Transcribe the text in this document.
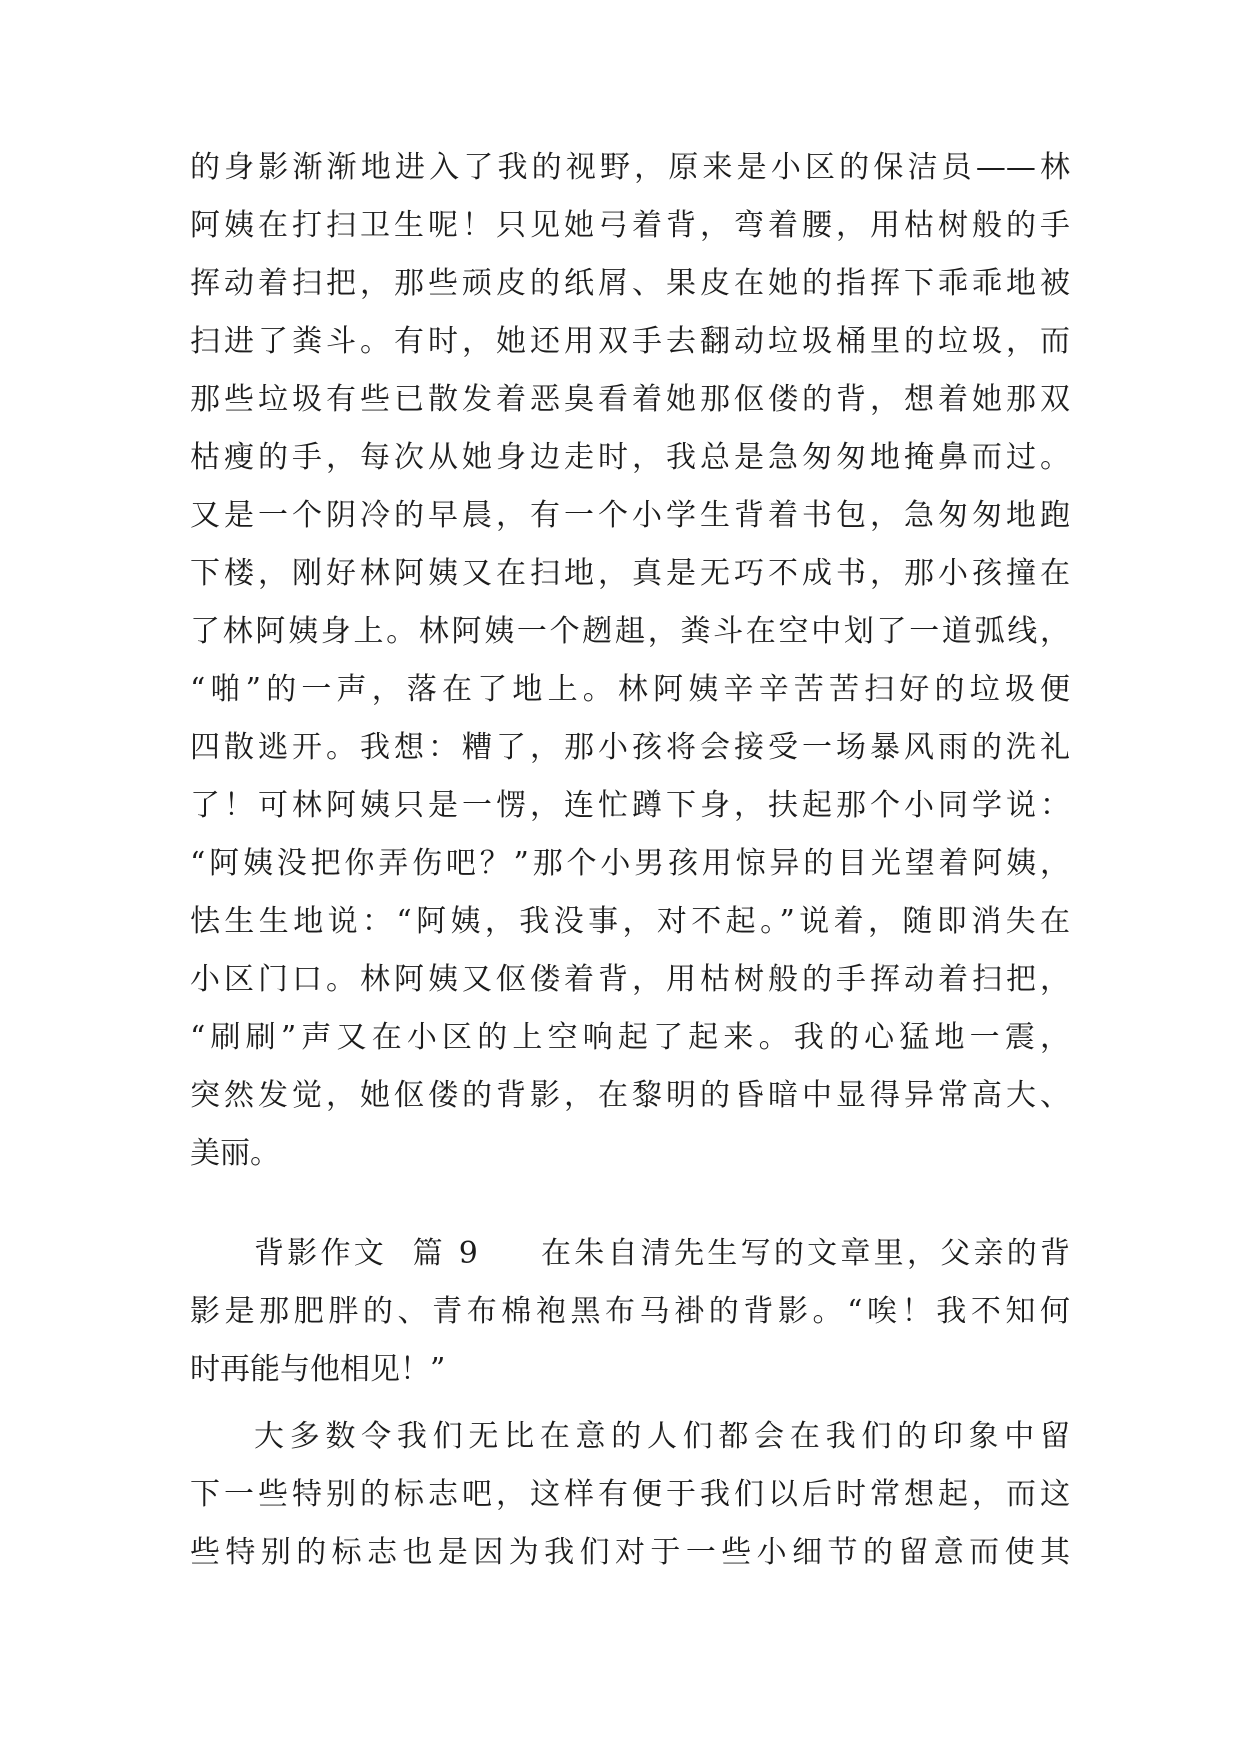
的身影渐渐地进入了我的视野，原来是小区的保洁员——林
阿姨在打扫卫生呢！只见她弓着背，弯着腰，用枯树般的手
挥动着扫把，那些顽皮的纸屑、果皮在她的指挥下乖乖地被
扫进了粪斗。有时，她还用双手去翻动垃圾桶里的垃圾，而
那些垃圾有些已散发着恶臭看着她那伛偻的背，想着她那双
枯瘦的手，每次从她身边走时，我总是急匆匆地掩鼻而过。
又是一个阴冷的早晨，有一个小学生背着书包，急匆匆地跑
下楼，刚好林阿姨又在扫地，真是无巧不成书，那小孩撞在
了林阿姨身上。林阿姨一个趔趄，粪斗在空中划了一道弧线，
“啪”的一声，落在了地上。林阿姨辛辛苦苦扫好的垃圾便
四散逃开。我想：糟了，那小孩将会接受一场暴风雨的洗礼
了！可林阿姨只是一愣，连忙蹲下身，扶起那个小同学说：
“阿姨没把你弄伤吧？”那个小男孩用惊异的目光望着阿姨，
怯生生地说：“阿姨，我没事，对不起。”说着，随即消失在
小区门口。林阿姨又伛偻着背，用枯树般的手挥动着扫把，
“刷刷”声又在小区的上空响起了起来。我的心猛地一震，
突然发觉，她伛偻的背影，在黎明的昏暗中显得异常高大、
美丽。
背影作文  篇 9 在朱自清先生写的文章里，父亲的背
影是那肥胖的、青布棉袍黑布马褂的背影。“唉！我不知何
时再能与他相见！”
大多数令我们无比在意的人们都会在我们的印象中留
下一些特别的标志吧，这样有便于我们以后时常想起，而这
些特别的标志也是因为我们对于一些小细节的留意而使其
